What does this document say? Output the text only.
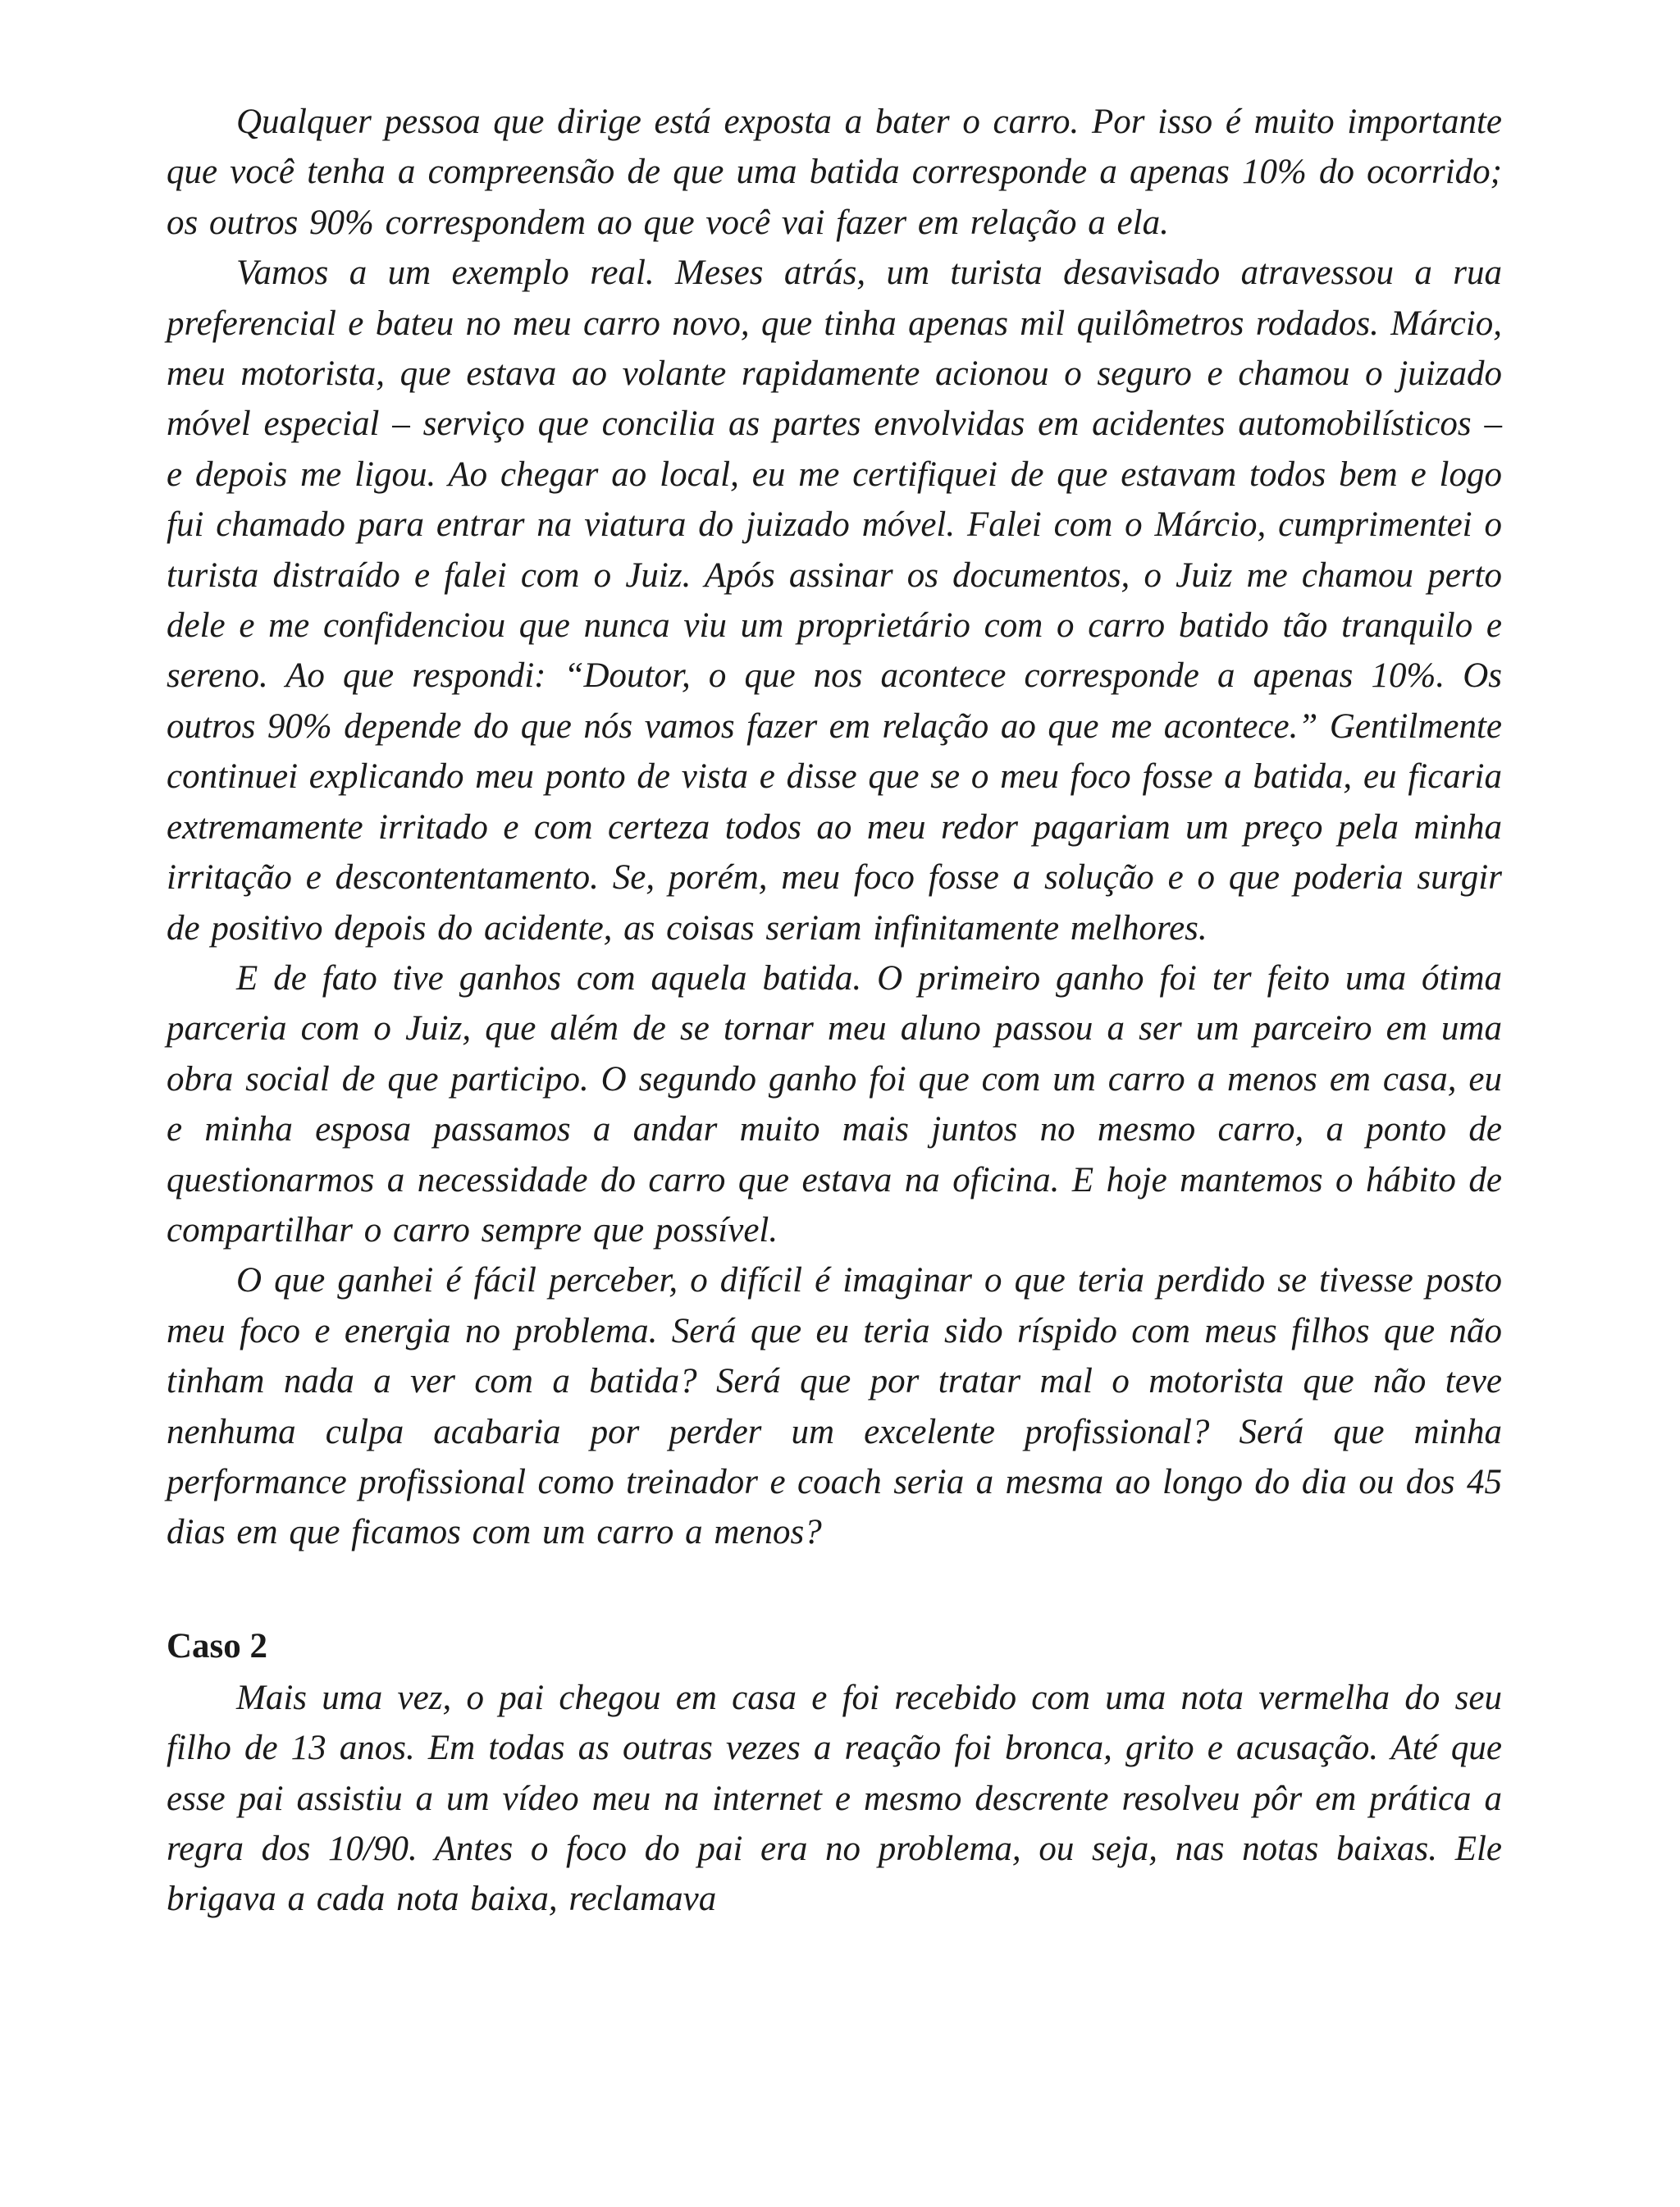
Qualquer pessoa que dirige está exposta a bater o carro. Por isso é muito importante que você tenha a compreensão de que uma batida corresponde a apenas 10% do ocorrido; os outros 90% correspondem ao que você vai fazer em relação a ela.

Vamos a um exemplo real. Meses atrás, um turista desavisado atravessou a rua preferencial e bateu no meu carro novo, que tinha apenas mil quilômetros rodados. Márcio, meu motorista, que estava ao volante rapidamente acionou o seguro e chamou o juizado móvel especial – serviço que concilia as partes envolvidas em acidentes automobilísticos – e depois me ligou. Ao chegar ao local, eu me certifiquei de que estavam todos bem e logo fui chamado para entrar na viatura do juizado móvel. Falei com o Márcio, cumprimentei o turista distraído e falei com o Juiz. Após assinar os documentos, o Juiz me chamou perto dele e me confidenciou que nunca viu um proprietário com o carro batido tão tranquilo e sereno. Ao que respondi: “Doutor, o que nos acontece corresponde a apenas 10%. Os outros 90% depende do que nós vamos fazer em relação ao que me acontece.” Gentilmente continuei explicando meu ponto de vista e disse que se o meu foco fosse a batida, eu ficaria extremamente irritado e com certeza todos ao meu redor pagariam um preço pela minha irritação e descontentamento. Se, porém, meu foco fosse a solução e o que poderia surgir de positivo depois do acidente, as coisas seriam infinitamente melhores.

E de fato tive ganhos com aquela batida. O primeiro ganho foi ter feito uma ótima parceria com o Juiz, que além de se tornar meu aluno passou a ser um parceiro em uma obra social de que participo. O segundo ganho foi que com um carro a menos em casa, eu e minha esposa passamos a andar muito mais juntos no mesmo carro, a ponto de questionarmos a necessidade do carro que estava na oficina. E hoje mantemos o hábito de compartilhar o carro sempre que possível.

O que ganhei é fácil perceber, o difícil é imaginar o que teria perdido se tivesse posto meu foco e energia no problema. Será que eu teria sido ríspido com meus filhos que não tinham nada a ver com a batida? Será que por tratar mal o motorista que não teve nenhuma culpa acabaria por perder um excelente profissional? Será que minha performance profissional como treinador e coach seria a mesma ao longo do dia ou dos 45 dias em que ficamos com um carro a menos?

Caso 2

Mais uma vez, o pai chegou em casa e foi recebido com uma nota vermelha do seu filho de 13 anos. Em todas as outras vezes a reação foi bronca, grito e acusação. Até que esse pai assistiu a um vídeo meu na internet e mesmo descrente resolveu pôr em prática a regra dos 10/90. Antes o foco do pai era no problema, ou seja, nas notas baixas. Ele brigava a cada nota baixa, reclamava
